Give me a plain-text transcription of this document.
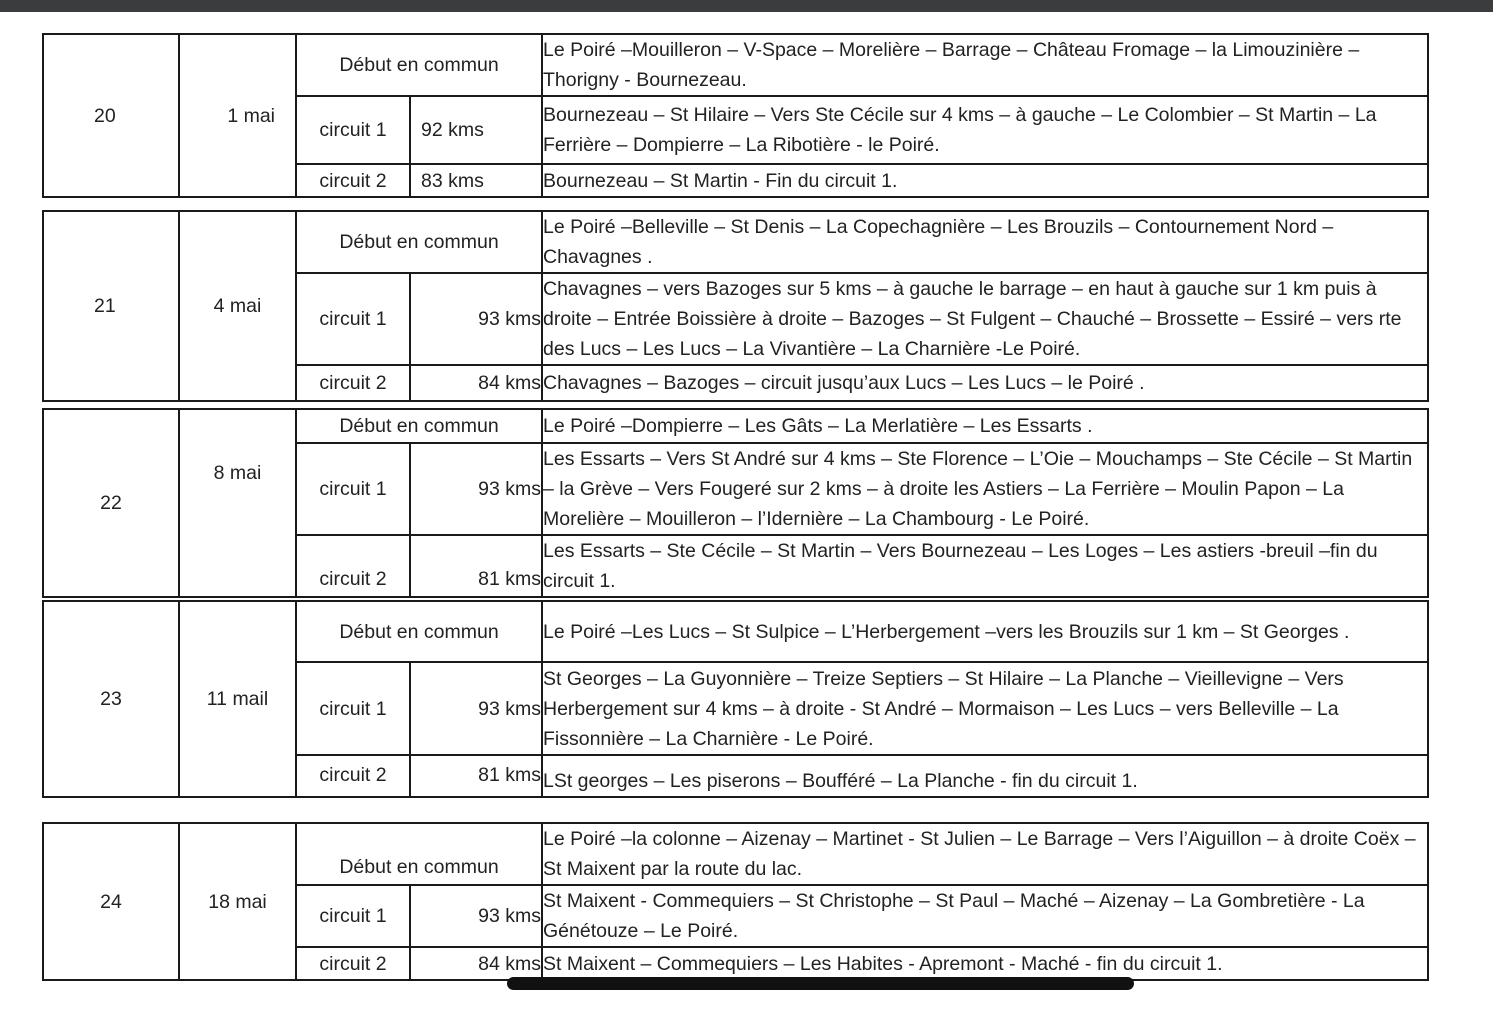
20	1 mai	Début en commun		Le Poiré –Mouilleron – V-Space – Morelière – Barrage – Château Fromage – la Limouzinière – Thorigny - Bournezeau.
		circuit 1	92 kms	Bournezeau – St Hilaire – Vers Ste Cécile sur 4 kms – à gauche – Le Colombier – St Martin – La Ferrière – Dompierre – La Ribotière - le Poiré.
		circuit 2	83 kms	Bournezeau – St Martin - Fin du circuit 1.
21	4 mai	Début en commun		Le Poiré –Belleville – St Denis – La Copechagnière – Les Brouzils – Contournement Nord – Chavagnes .
		circuit 1	93 kms	Chavagnes – vers Bazoges sur 5 kms – à gauche le barrage – en haut à gauche sur 1 km puis à droite – Entrée Boissière à droite – Bazoges – St Fulgent – Chauché – Brossette – Essiré – vers rte des Lucs – Les Lucs – La Vivantière – La Charnière -Le Poiré.
		circuit 2	84 kms	Chavagnes – Bazoges – circuit jusqu’aux Lucs – Les Lucs – le Poiré .
22	8 mai	Début en commun		Le Poiré –Dompierre – Les Gâts – La Merlatière – Les Essarts .
		circuit 1	93 kms	Les Essarts – Vers St André sur 4 kms – Ste Florence – L’Oie – Mouchamps – Ste Cécile – St Martin – la Grève – Vers Fougeré sur 2 kms – à droite les Astiers – La Ferrière – Moulin Papon – La Morelière – Mouilleron – l’Idernière – La Chambourg - Le Poiré.
		circuit 2	81 kms	Les Essarts – Ste Cécile – St Martin – Vers Bournezeau – Les Loges – Les astiers -breuil –fin du circuit 1.
23	11 mail	Début en commun		Le Poiré –Les Lucs – St Sulpice – L’Herbergement –vers les Brouzils sur 1 km – St Georges .
		circuit 1	93 kms	St Georges – La Guyonnière – Treize Septiers – St Hilaire – La Planche – Vieillevigne – Vers Herbergement sur 4 kms – à droite - St André – Mormaison – Les Lucs – vers Belleville – La Fissonnière – La Charnière - Le Poiré.
		circuit 2	81 kms	LSt georges – Les piserons – Boufféré – La Planche - fin du circuit 1.
24	18 mai	Début en commun		Le Poiré –la colonne – Aizenay – Martinet - St Julien – Le Barrage – Vers l’Aiguillon – à droite Coëx – St Maixent par la route du lac.
		circuit 1	93 kms	St Maixent - Commequiers – St Christophe – St Paul – Maché – Aizenay – La Gombretière - La Génétouze – Le Poiré.
		circuit 2	84 kms	St Maixent – Commequiers – Les Habites - Apremont - Maché - fin du circuit 1.
